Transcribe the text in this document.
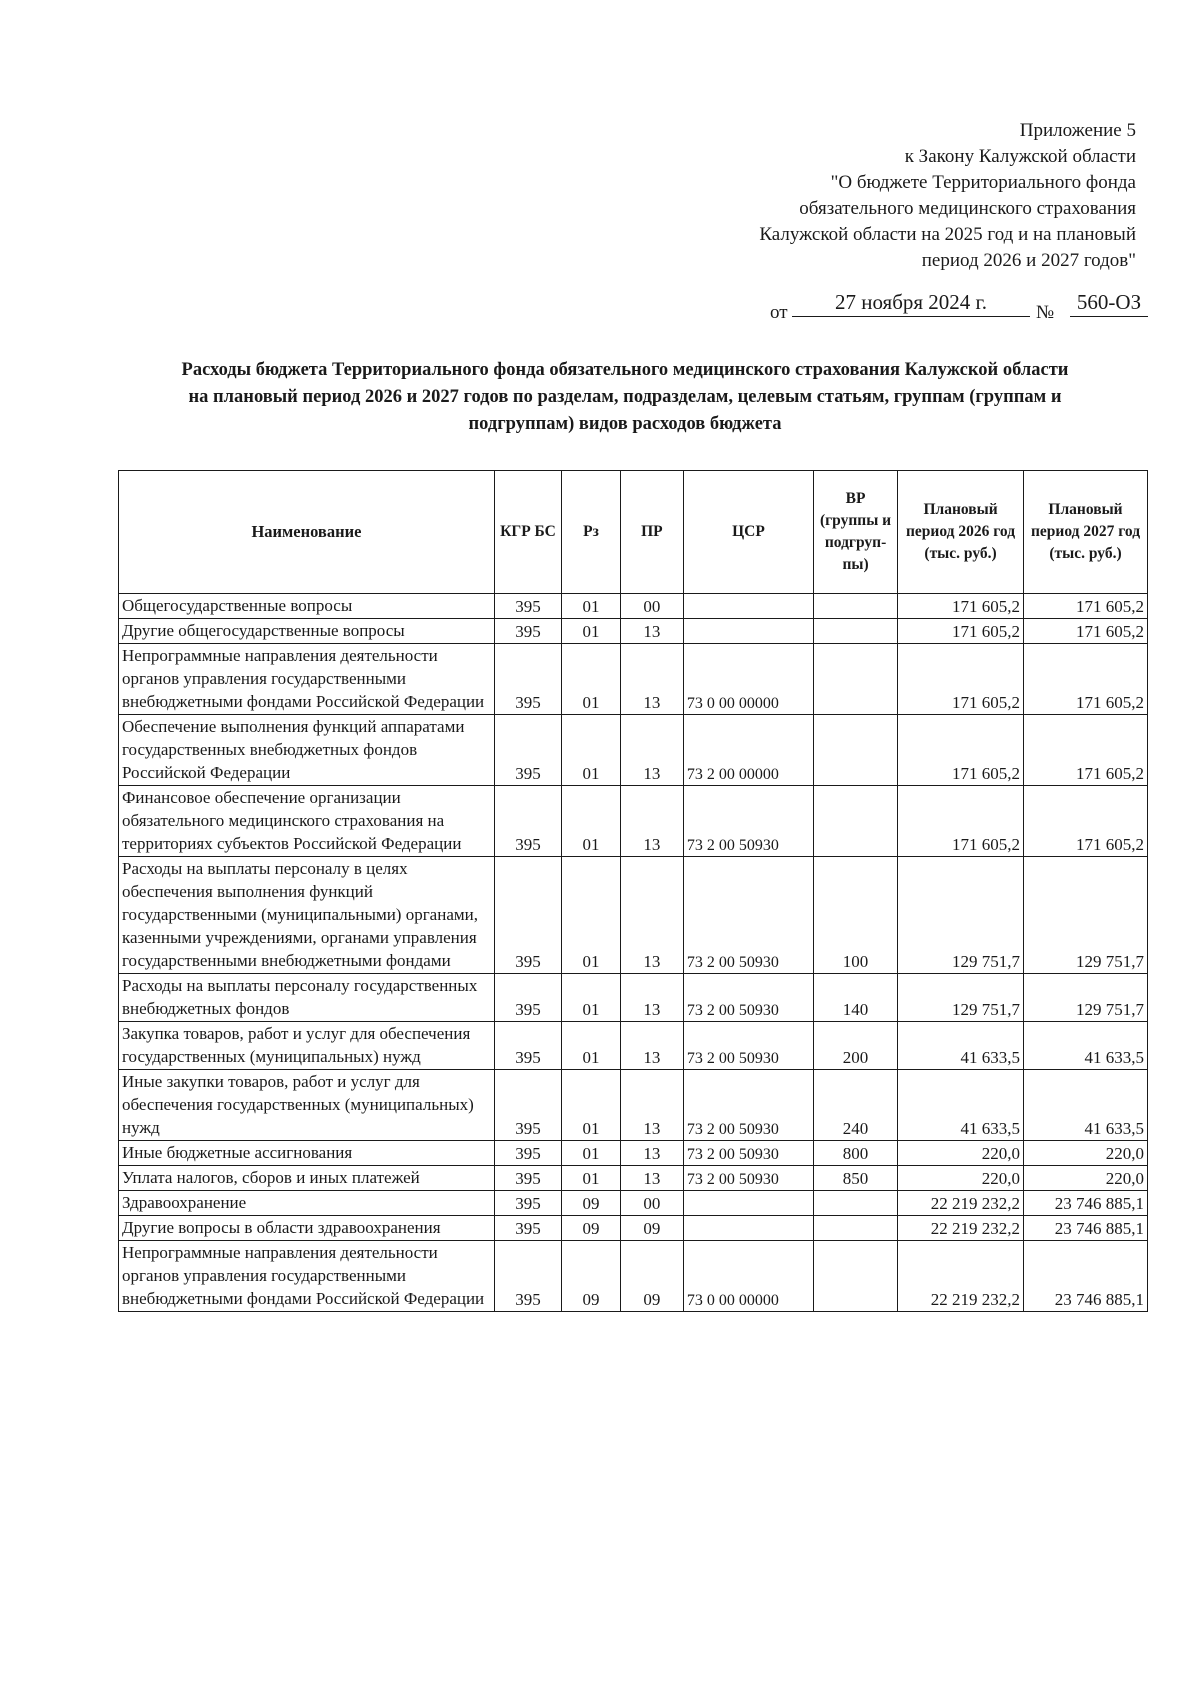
Приложение 5
к Закону Калужской области
"О бюджете Территориального фонда
обязательного медицинского страхования
Калужской области на 2025 год и на плановый
период 2026 и 2027 годов"
от	27 ноября 2024 г.	№	560-ОЗ
Расходы бюджета Территориального фонда обязательного медицинского страхования Калужской области
на плановый период 2026 и 2027 годов по разделам, подразделам, целевым статьям, группам (группам и
подгруппам) видов расходов бюджета
Наименование	КГР БС	Рз	ПР	ЦСР	ВР (группы и подгруп-пы)	Плановый период 2026 год (тыс. руб.)	Плановый период 2027 год (тыс. руб.)
Общегосударственные вопросы	395	01	00			171 605,2	171 605,2
Другие общегосударственные вопросы	395	01	13			171 605,2	171 605,2
Непрограммные направления деятельности органов управления государственными внебюджетными фондами Российской Федерации	395	01	13	73 0 00 00000		171 605,2	171 605,2
Обеспечение выполнения функций аппаратами государственных внебюджетных фондов Российской Федерации	395	01	13	73 2 00 00000		171 605,2	171 605,2
Финансовое обеспечение организации обязательного медицинского страхования на территориях субъектов Российской Федерации	395	01	13	73 2 00 50930		171 605,2	171 605,2
Расходы на выплаты персоналу в целях обеспечения выполнения функций государственными (муниципальными) органами, казенными учреждениями, органами управления государственными внебюджетными фондами	395	01	13	73 2 00 50930	100	129 751,7	129 751,7
Расходы на выплаты персоналу государственных внебюджетных фондов	395	01	13	73 2 00 50930	140	129 751,7	129 751,7
Закупка товаров, работ и услуг для обеспечения государственных (муниципальных) нужд	395	01	13	73 2 00 50930	200	41 633,5	41 633,5
Иные закупки товаров, работ и услуг для обеспечения государственных (муниципальных) нужд	395	01	13	73 2 00 50930	240	41 633,5	41 633,5
Иные бюджетные ассигнования	395	01	13	73 2 00 50930	800	220,0	220,0
Уплата налогов, сборов и иных платежей	395	01	13	73 2 00 50930	850	220,0	220,0
Здравоохранение	395	09	00			22 219 232,2	23 746 885,1
Другие вопросы в области здравоохранения	395	09	09			22 219 232,2	23 746 885,1
Непрограммные направления деятельности органов управления государственными внебюджетными фондами Российской Федерации	395	09	09	73 0 00 00000		22 219 232,2	23 746 885,1
